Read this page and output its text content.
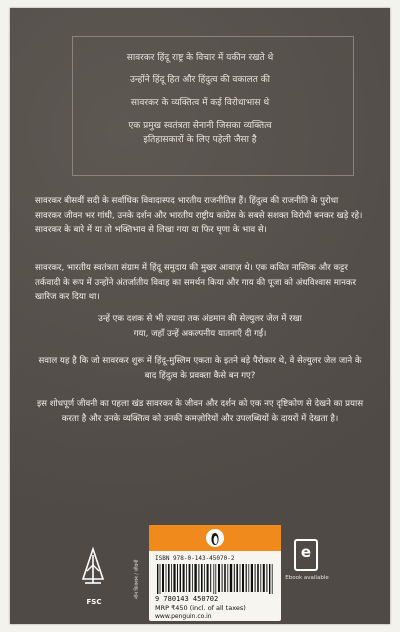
सावरकर हिंदू राष्ट्र के विचार में यकीन रखते थे
उन्होंने हिंदू हित और हिंदुत्व की वकालत की
सावरकर के व्यक्तित्व में कई विरोधाभास थे
एक प्रमुख स्वतंत्रता सेनानी जिसका व्यक्तित्व
इतिहासकारों के लिए पहेली जैसा है
सावरकर बीसवीं सदी के सर्वाधिक विवादास्पद भारतीय राजनीतिज्ञ हैं। हिंदुत्व की राजनीति के पुरोधा सावरकर जीवन भर गांधी, उनके दर्शन और भारतीय राष्ट्रीय कांग्रेस के सबसे सशक्त विरोधी बनकर खड़े रहे। सावरकर के बारे में या तो भक्तिभाव से लिखा गया या फिर घृणा के भाव से।
सावरकर, भारतीय स्वतंत्रता संग्राम में हिंदू समुदाय की मुखर आवाज़ थे। एक कथित नास्तिक और कट्टर तर्कवादी के रूप में उन्होंने अंतर्जातीय विवाह का समर्थन किया और गाय की पूजा को अंधविश्वास मानकर खारिज कर दिया था।
उन्हें एक दशक से भी ज़्यादा तक अंडमान की सेल्युलर जेल में रखा गया, जहाँ उन्हें अकल्पनीय यातनाएँ दी गईं।
सवाल यह है कि जो सावरकर शुरू में हिंदू-मुस्लिम एकता के इतने बड़े पैरोकार थे, वे सेल्युलर जेल जाने के बाद हिंदुत्व के प्रवक्ता कैसे बन गए?
इस शोधपूर्ण जीवनी का पहला खंड सावरकर के जीवन और दर्शन को एक नए दृष्टिकोण से देखने का प्रयास करता है और उनके व्यक्तित्व को उनकी कमज़ोरियों और उपलब्धियों के दायरों में देखता है।
FSC
नॉन फ़िक्शन / जीवनी
ISBN 978-0-143-45070-2
9 780143 450702
MRP ₹450 (incl. of all taxes)
www.penguin.co.in
e
Ebook available
